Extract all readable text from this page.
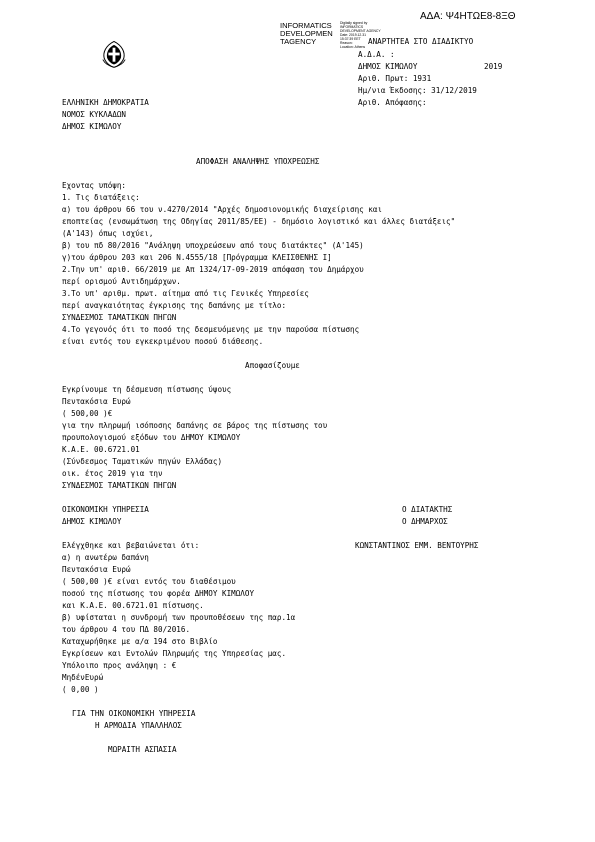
ΑΔΑ: Ψ4ΗΤΩΕ8-8ΞΘ
INFORMATICS
DEVELOPMEN
TAGENCY
Digitally signed by
INFORMATICS
DEVELOPMENT AGENCY
Date: 2019.12.31
15:37:39 EET
Reason:
Location: Athens
ΑΝΑΡΤΗΤΕΑ ΣΤΟ ΔΙΑΔΙΚΤΥΟ
Α.Δ.Α. :
ΔΗΜΟΣ ΚΙΜΩΛΟΥ	2019
Αριθ. Πρωτ: 1931
Ημ/νια Έκδοσης: 31/12/2019
Αριθ. Απόφασης:
ΕΛΛΗΝΙΚΗ ΔΗΜΟΚΡΑΤΙΑ
ΝΟΜΟΣ ΚΥΚΛΑΔΩΝ
ΔΗΜΟΣ ΚΙΜΩΛΟΥ
ΑΠΟΦΑΣΗ ΑΝΑΛΗΨΗΣ ΥΠΟΧΡΕΩΣΗΣ
Εχοντας υπόψη:
1. Τις διατάξεις:
α) του άρθρου 66 του ν.4270/2014 "Αρχές δημοσιονομικής διαχείρισης και
εποπτείας (ενσωμάτωση της Οδηγίας 2011/85/ΕΕ) - δημόσιο λογιστικό και άλλες διατάξεις"
(Α'143) όπως ισχύει,
β) του πδ 80/2016 "Ανάληψη υποχρεώσεων από τους διατάκτες" (Α'145)
γ)του άρθρου 203 και 206 Ν.4555/18 [Πρόγραμμα ΚΛΕΙΣΘΕΝΗΣ Ι]
2.Την υπ' αριθ. 66/2019 με Απ 1324/17-09-2019 απόφαση του Δημάρχου
περί ορισμού Αντιδημάρχων.
3.Το υπ' αριθμ. πρωτ. αίτημα από τις Γενικές Υπηρεσίες
περί αναγκαιότητας έγκρισης της δαπάνης με τίτλο:
ΣΥΝΔΕΣΜΟΣ ΤΑΜΑΤΙΚΩΝ ΠΗΓΩΝ
4.Το γεγονός ότι το ποσό της δεσμευόμενης με την παρούσα πίστωσης
είναι εντός του εγκεκριμένου ποσού διάθεσης.
Αποφασίζουμε
Εγκρίνουμε τη δέσμευση πίστωσης ύψους
Πεντακόσια Ευρώ
( 500,00 )€
για την πληρωμή ισόποσης δαπάνης σε βάρος της πίστωσης του
προυπολογισμού εξόδων του ΔΗΜΟΥ ΚΙΜΩΛΟΥ
Κ.Α.Ε. 00.6721.01
(Σύνδεσμος Ταματικών πηγών Ελλάδας)
οικ. έτος 2019 για την
ΣΥΝΔΕΣΜΟΣ ΤΑΜΑΤΙΚΩΝ ΠΗΓΩΝ
ΟΙΚΟΝΟΜΙΚΗ ΥΠΗΡΕΣΙΑ
ΔΗΜΟΣ ΚΙΜΩΛΟΥ
Ο ΔΙΑΤΑΚΤΗΣ
Ο ΔΗΜΑΡΧΟΣ
ΚΩΝΣΤΑΝΤΙΝΟΣ ΕΜΜ. ΒΕΝΤΟΥΡΗΣ
Ελέγχθηκε και βεβαιώνεται ότι:
α) η ανωτέρω δαπάνη
Πεντακόσια Ευρώ
( 500,00 )€ είναι εντός του διαθέσιμου
ποσού της πίστωσης του φορέα ΔΗΜΟΥ ΚΙΜΩΛΟΥ
και Κ.Α.Ε. 00.6721.01 πίστωσης.
β) υφίσταται η συνδρομή των προυποθέσεων της παρ.1α
του άρθρου 4 του ΠΔ 80/2016.
Καταχωρήθηκε με α/α 194 στο Βιβλίο
Εγκρίσεων και Εντολών Πληρωμής της Υπηρεσίας μας.
Υπόλοιπο προς ανάληψη : €
ΜηδένΕυρώ
( 0,00 )
ΓΙΑ ΤΗΝ ΟΙΚΟΝΟΜΙΚΗ ΥΠΗΡΕΣΙΑ
Η ΑΡΜΟΔΙΑ ΥΠΑΛΛΗΛΟΣ
ΜΩΡΑΙΤΗ ΑΣΠΑΣΙΑ
